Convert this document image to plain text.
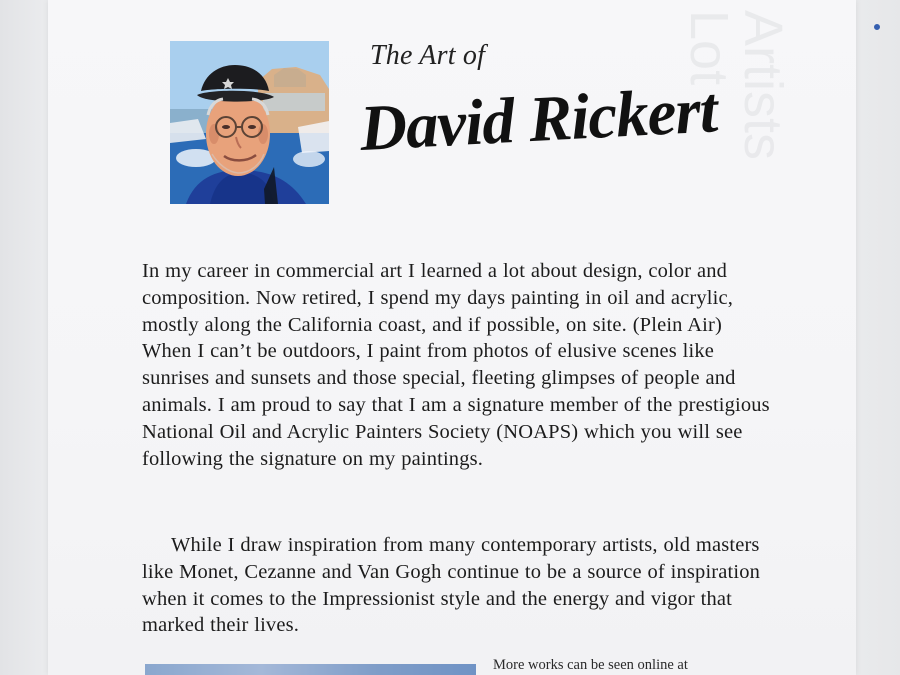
Artists Lot
The Art of
David Rickert

In my career in commercial art I learned a lot about design, color and composition. Now retired, I spend my days painting in oil and acrylic, mostly along the California coast, and if possible, on site. (Plein Air) When I can’t be outdoors, I paint from photos of elusive scenes like sunrises and sunsets and those special, fleeting glimpses of people and animals. I am proud to say that I am a signature member of the prestigious National Oil and Acrylic Painters Society (NOAPS) which you will see following the signature on my paintings.

While I draw inspiration from many contemporary artists, old masters like Monet, Cezanne and Van Gogh continue to be a source of inspiration when it comes to the Impressionist style and the energy and vigor that marked their lives.

More works can be seen online at
